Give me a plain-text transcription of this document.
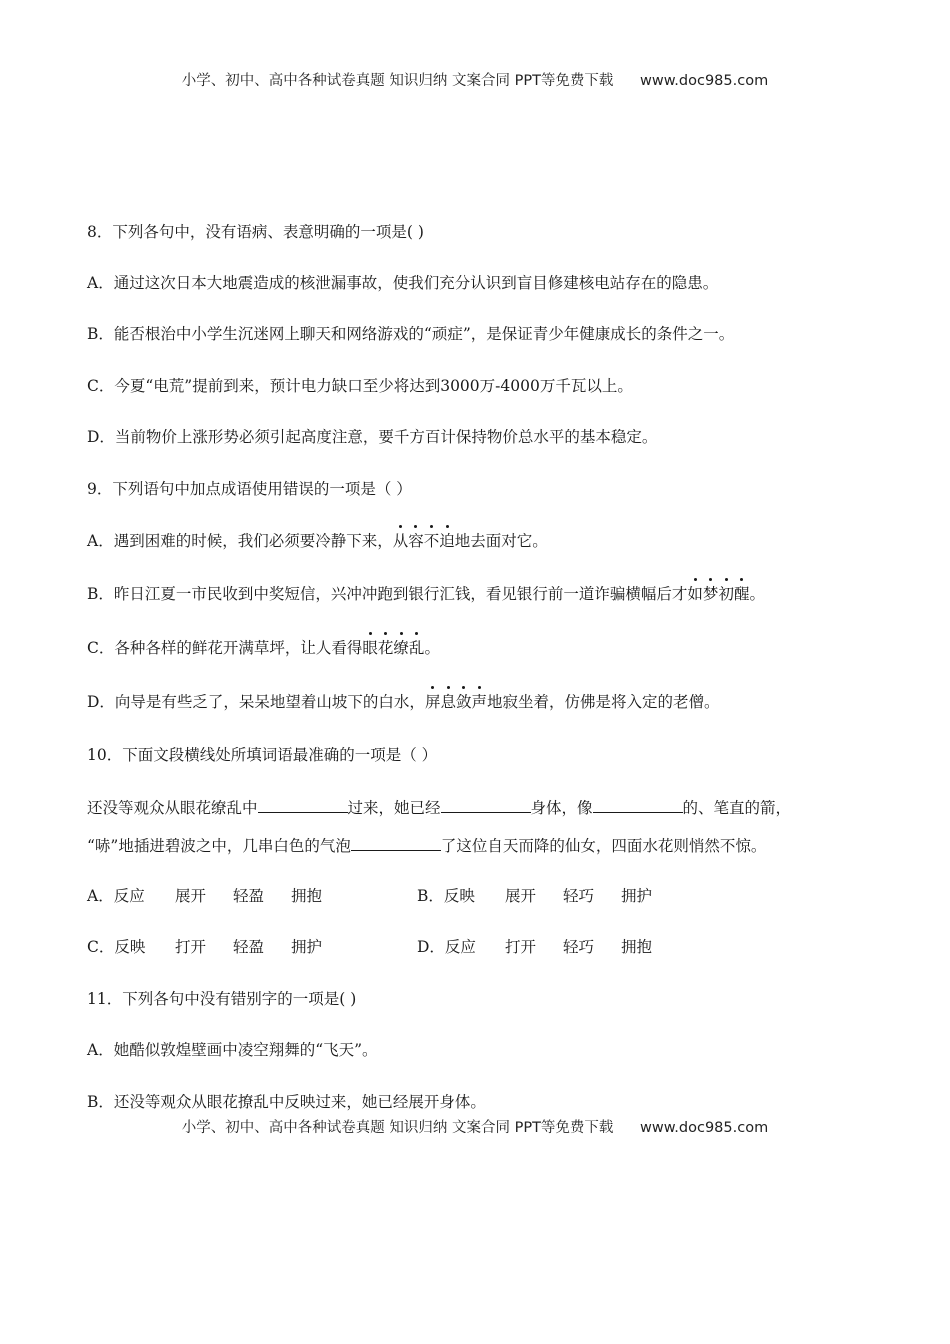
小学、初中、高中各种试卷真题 知识归纳 文案合同 PPT等免费下载 www.doc985.com
8．下列各句中，没有语病、表意明确的一项是( )
A．通过这次日本大地震造成的核泄漏事故，使我们充分认识到盲目修建核电站存在的隐患。
B．能否根治中小学生沉迷网上聊天和网络游戏的“顽症”，是保证青少年健康成长的条件之一。
C．今夏“电荒”提前到来，预计电力缺口至少将达到3000万-4000万千瓦以上。
D．当前物价上涨形势必须引起高度注意，要千方百计保持物价总水平的基本稳定。
9．下列语句中加点成语使用错误的一项是（ ）
A．遇到困难的时候，我们必须要冷静下来，从容不迫地去面对它。
B．昨日江夏一市民收到中奖短信，兴冲冲跑到银行汇钱，看见银行前一道诈骗横幅后才如梦初醒。
C．各种各样的鲜花开满草坪，让人看得眼花缭乱。
D．向导是有些乏了，呆呆地望着山坡下的白水，屏息敛声地寂坐着，仿佛是将入定的老僧。
10．下面文段横线处所填词语最准确的一项是（ ）
还没等观众从眼花缭乱中	过来，她已经	身体，像	的、笔直的箭，
“哧”地插进碧波之中，几串白色的气泡	了这位自天而降的仙女，四面水花则悄然不惊。
A．反应 展开 轻盈 拥抱	B．反映 展开 轻巧 拥护
C．反映 打开 轻盈 拥护	D．反应 打开 轻巧 拥抱
11．下列各句中没有错别字的一项是( )
A．她酷似敦煌壁画中凌空翔舞的“飞天”。
B．还没等观众从眼花撩乱中反映过来，她已经展开身体。
小学、初中、高中各种试卷真题 知识归纳 文案合同 PPT等免费下载 www.doc985.com
